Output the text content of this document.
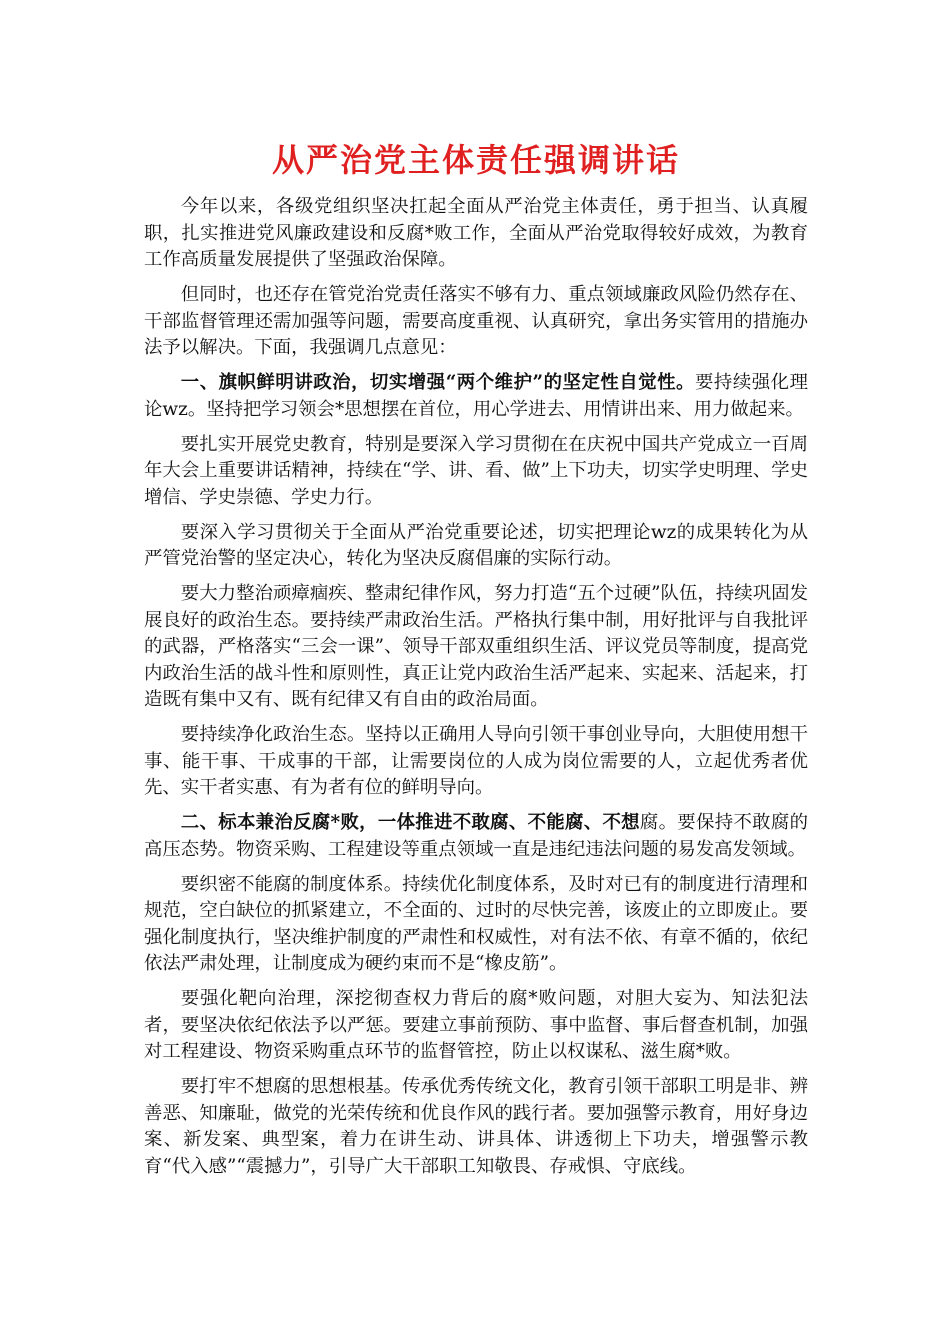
从严治党主体责任强调讲话

今年以来，各级党组织坚决扛起全面从严治党主体责任，勇于担当、认真履职，扎实推进党风廉政建设和反腐*败工作，全面从严治党取得较好成效，为教育工作高质量发展提供了坚强政治保障。

但同时，也还存在管党治党责任落实不够有力、重点领域廉政风险仍然存在、干部监督管理还需加强等问题，需要高度重视、认真研究，拿出务实管用的措施办法予以解决。下面，我强调几点意见：

一、旗帜鲜明讲政治，切实增强“两个维护”的坚定性自觉性。要持续强化理论wz。坚持把学习领会*思想摆在首位，用心学进去、用情讲出来、用力做起来。

要扎实开展党史教育，特别是要深入学习贯彻在在庆祝中国共产党成立一百周年大会上重要讲话精神，持续在“学、讲、看、做”上下功夫，切实学史明理、学史增信、学史崇德、学史力行。

要深入学习贯彻关于全面从严治党重要论述，切实把理论wz的成果转化为从严管党治警的坚定决心，转化为坚决反腐倡廉的实际行动。

要大力整治顽瘴痼疾、整肃纪律作风，努力打造“五个过硬”队伍，持续巩固发展良好的政治生态。要持续严肃政治生活。严格执行集中制，用好批评与自我批评的武器，严格落实“三会一课”、领导干部双重组织生活、评议党员等制度，提高党内政治生活的战斗性和原则性，真正让党内政治生活严起来、实起来、活起来，打造既有集中又有、既有纪律又有自由的政治局面。

要持续净化政治生态。坚持以正确用人导向引领干事创业导向，大胆使用想干事、能干事、干成事的干部，让需要岗位的人成为岗位需要的人，立起优秀者优先、实干者实惠、有为者有位的鲜明导向。

二、标本兼治反腐*败，一体推进不敢腐、不能腐、不想腐。要保持不敢腐的高压态势。物资采购、工程建设等重点领域一直是违纪违法问题的易发高发领域。

要织密不能腐的制度体系。持续优化制度体系，及时对已有的制度进行清理和规范，空白缺位的抓紧建立，不全面的、过时的尽快完善，该废止的立即废止。要强化制度执行，坚决维护制度的严肃性和权威性，对有法不依、有章不循的，依纪依法严肃处理，让制度成为硬约束而不是“橡皮筋”。

要强化靶向治理，深挖彻查权力背后的腐*败问题，对胆大妄为、知法犯法者，要坚决依纪依法予以严惩。要建立事前预防、事中监督、事后督查机制，加强对工程建设、物资采购重点环节的监督管控，防止以权谋私、滋生腐*败。

要打牢不想腐的思想根基。传承优秀传统文化，教育引领干部职工明是非、辨善恶、知廉耻，做党的光荣传统和优良作风的践行者。要加强警示教育，用好身边案、新发案、典型案，着力在讲生动、讲具体、讲透彻上下功夫，增强警示教育“代入感”“震撼力”，引导广大干部职工知敬畏、存戒惧、守底线。
